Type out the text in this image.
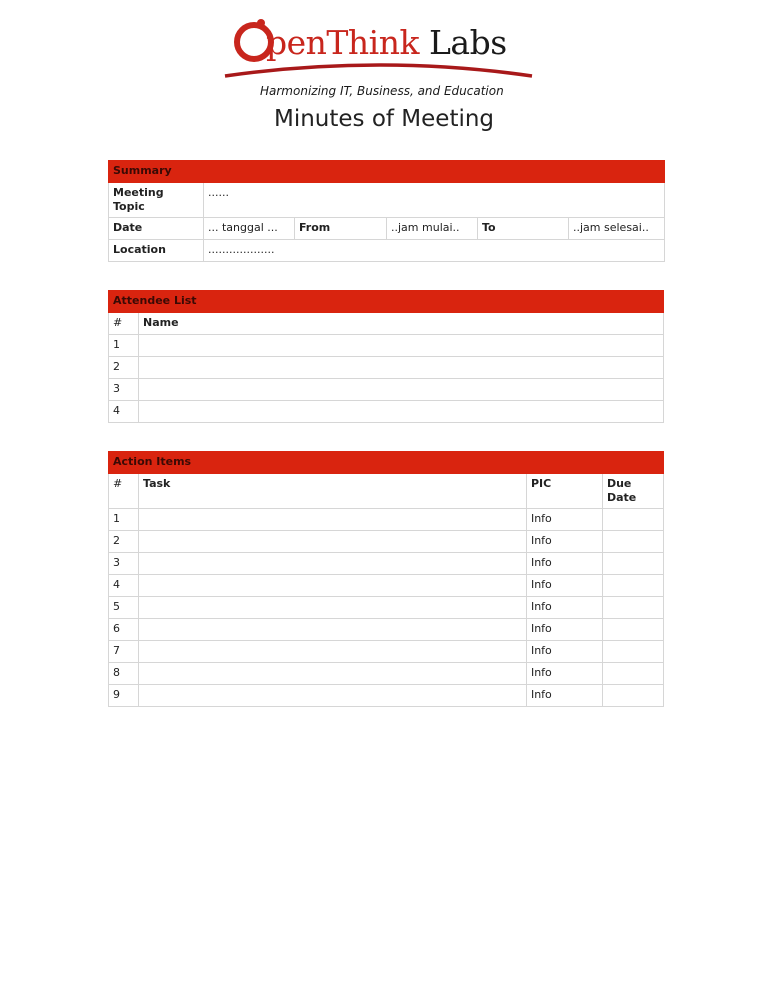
penThink Labs
Harmonizing IT, Business, and Education
Minutes of Meeting
Summary					
Meeting Topic	......				
Date	... tanggal ...	From	..jam mulai..	To	..jam selesai..
Location	...................				
Attendee List	
#	Name
1	
2	
3	
4	
Action Items			
#	Task	PIC	Due Date
1		Info	
2		Info	
3		Info	
4		Info	
5		Info	
6		Info	
7		Info	
8		Info	
9		Info	
